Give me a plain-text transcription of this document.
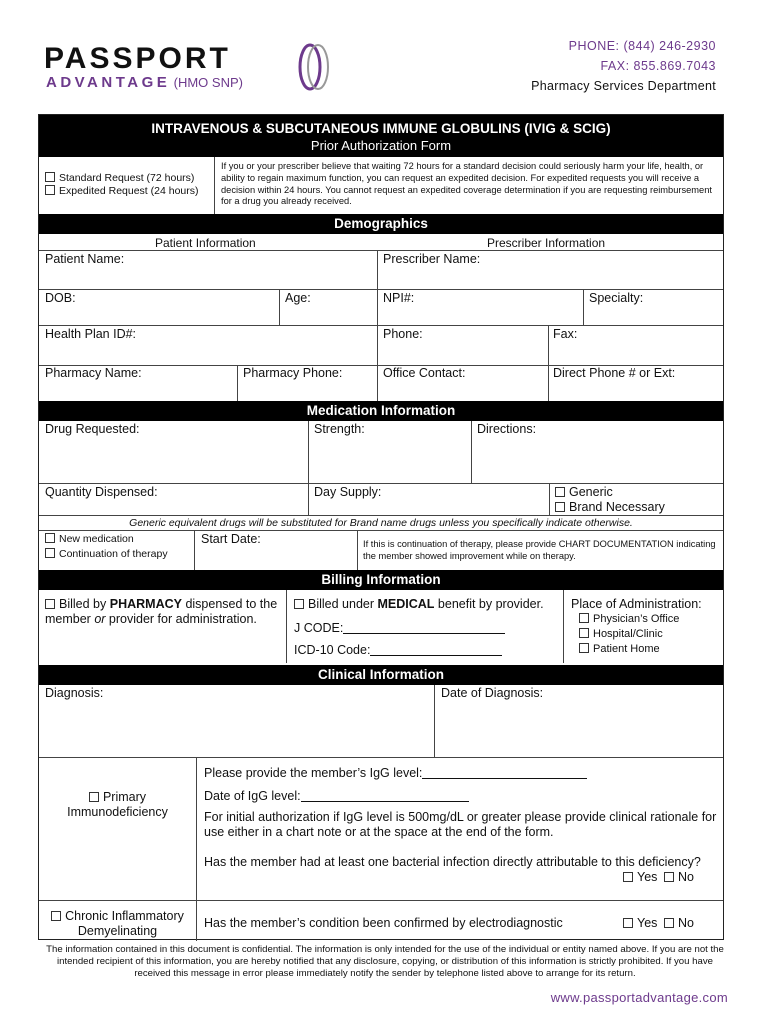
PASSPORT
ADVANTAGE (HMO SNP)
PHONE: (844) 246-2930
FAX: 855.869.7043
Pharmacy Services Department
INTRAVENOUS & SUBCUTANEOUS IMMUNE GLOBULINS (IVIG & SCIG)
Prior Authorization Form
Standard Request (72 hours)
Expedited Request (24 hours)
If you or your prescriber believe that waiting 72 hours for a standard decision could seriously harm your life, health, or ability to regain maximum function, you can request an expedited decision. For expedited requests you will receive a decision within 24 hours. You cannot request an expedited coverage determination if you are requesting reimbursement for a drug you already received.
Demographics
Patient Information	Prescriber Information
Patient Name:	Prescriber Name:
DOB:	Age:	NPI#:	Specialty:
Health Plan ID#:	Phone:	Fax:
Pharmacy Name:	Pharmacy Phone:	Office Contact:	Direct Phone # or Ext:
Medication Information
Drug Requested:	Strength:	Directions:
Quantity Dispensed:	Day Supply:	Generic
Brand Necessary
Generic equivalent drugs will be substituted for Brand name drugs unless you specifically indicate otherwise.
New medication
Continuation of therapy
Start Date:	If this is continuation of therapy, please provide CHART DOCUMENTATION indicating the member showed improvement while on therapy.
Billing Information
Billed by PHARMACY dispensed to the
member or provider for administration.
Billed under MEDICAL benefit by provider.
J CODE:
ICD-10 Code:
Place of Administration:
Physician’s Office
Hospital/Clinic
Patient Home
Clinical Information
Diagnosis:	Date of Diagnosis:
Primary
Immunodeficiency
Please provide the member’s IgG level:
Date of IgG level:
For initial authorization if IgG level is 500mg/dL or greater please provide clinical rationale for use either in a chart note or at the space at the end of the form.
Has the member had at least one bacterial infection directly attributable to this deficiency?
Yes	No
Chronic Inflammatory
Demyelinating
Has the member’s condition been confirmed by electrodiagnostic	Yes	No
The information contained in this document is confidential. The information is only intended for the use of the individual or entity named above. If you are not the intended recipient of this information, you are hereby notified that any disclosure, copying, or distribution of this information is strictly prohibited. If you have received this message in error please immediately notify the sender by telephone listed above to arrange for its return.
www.passportadvantage.com
